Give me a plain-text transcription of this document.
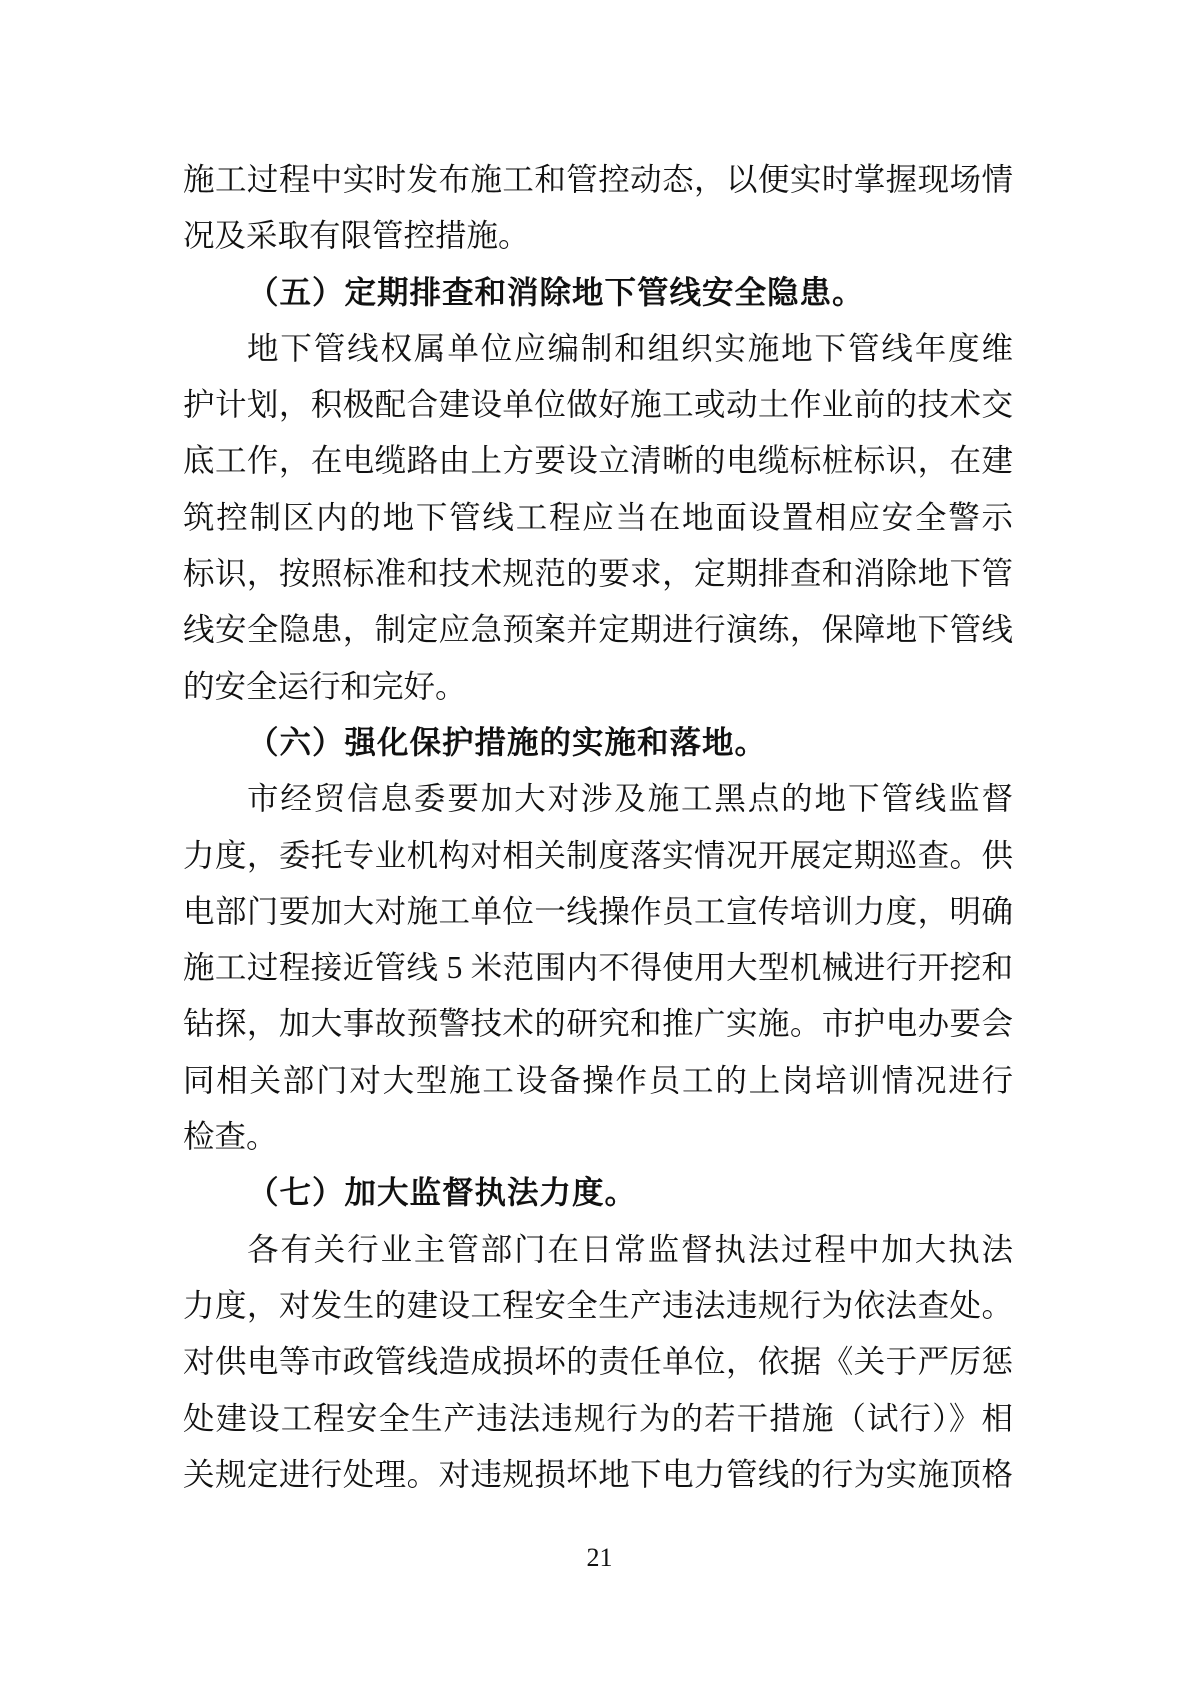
施工过程中实时发布施工和管控动态，以便实时掌握现场情
况及采取有限管控措施。
（五）定期排查和消除地下管线安全隐患。
地下管线权属单位应编制和组织实施地下管线年度维
护计划，积极配合建设单位做好施工或动土作业前的技术交
底工作，在电缆路由上方要设立清晰的电缆标桩标识，在建
筑控制区内的地下管线工程应当在地面设置相应安全警示
标识，按照标准和技术规范的要求，定期排查和消除地下管
线安全隐患，制定应急预案并定期进行演练，保障地下管线
的安全运行和完好。
（六）强化保护措施的实施和落地。
市经贸信息委要加大对涉及施工黑点的地下管线监督
力度，委托专业机构对相关制度落实情况开展定期巡查。供
电部门要加大对施工单位一线操作员工宣传培训力度，明确
施工过程接近管线 5 米范围内不得使用大型机械进行开挖和
钻探，加大事故预警技术的研究和推广实施。市护电办要会
同相关部门对大型施工设备操作员工的上岗培训情况进行
检查。
（七）加大监督执法力度。
各有关行业主管部门在日常监督执法过程中加大执法
力度，对发生的建设工程安全生产违法违规行为依法查处。
对供电等市政管线造成损坏的责任单位，依据《关于严厉惩
处建设工程安全生产违法违规行为的若干措施（试行）》相
关规定进行处理。对违规损坏地下电力管线的行为实施顶格
21
